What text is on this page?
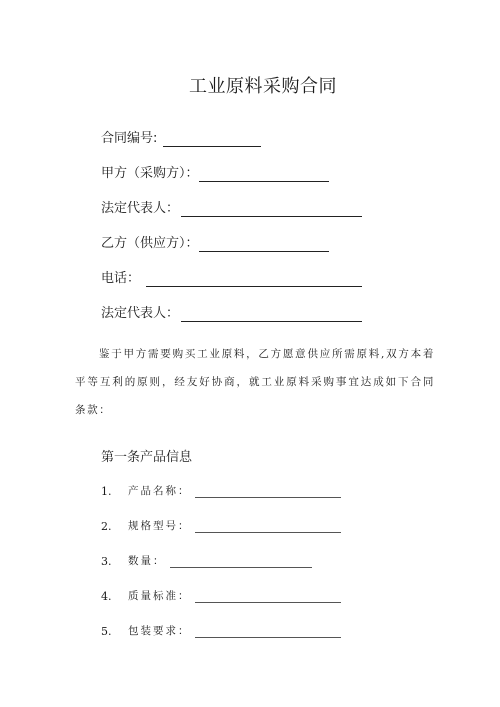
工业原料采购合同
合同编号:
甲方（采购方）：
法定代表人：
乙方（供应方）：
电话：
法定代表人：

鉴于甲方需要购买工业原料，乙方愿意供应所需原料,双方本着平等互利的原则，经友好协商，就工业原料采购事宜达成如下合同条款：

第一条产品信息
1.	产品名称：
2.	规格型号：
3.	数量：
4.	质量标准：
5.	包装要求：
